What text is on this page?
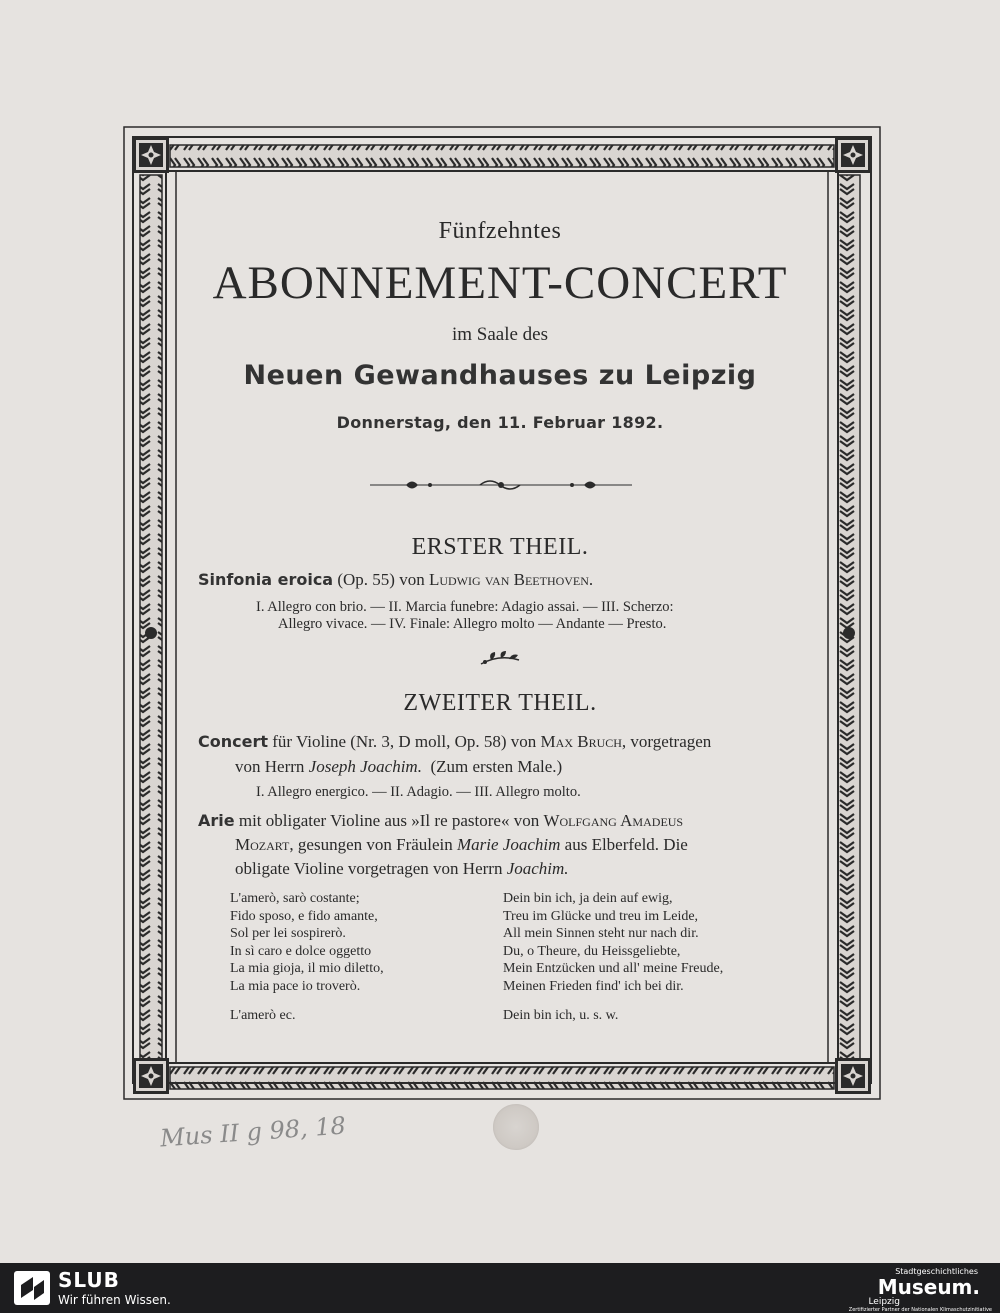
Fünfzehntes
ABONNEMENT-CONCERT
im Saale des
Neuen Gewandhauses zu Leipzig
Donnerstag, den 11. Februar 1892.
ERSTER THEIL.
Sinfonia eroica (Op. 55) von Ludwig van Beethoven.
I. Allegro con brio. — II. Marcia funebre: Adagio assai. — III. Scherzo:
Allegro vivace. — IV. Finale: Allegro molto — Andante — Presto.
ZWEITER THEIL.
Concert für Violine (Nr. 3, D moll, Op. 58) von Max Bruch, vorgetragen
von Herrn Joseph Joachim. (Zum ersten Male.)
I. Allegro energico. — II. Adagio. — III. Allegro molto.
Arie mit obligater Violine aus »Il re pastore« von Wolfgang Amadeus
Mozart, gesungen von Fräulein Marie Joachim aus Elberfeld. Die
obligate Violine vorgetragen von Herrn Joachim.
L'amerò, sarò costante;
Fido sposo, e fido amante,
Sol per lei sospirerò.
In sì caro e dolce oggetto
La mia gioja, il mio diletto,
La mia pace io troverò.
L'amerò ec.
Dein bin ich, ja dein auf ewig,
Treu im Glücke und treu im Leide,
All mein Sinnen steht nur nach dir.
Du, o Theure, du Heissgeliebte,
Mein Entzücken und all' meine Freude,
Meinen Frieden find' ich bei dir.
Dein bin ich, u. s. w.
Mus II g 98, 18
SLUB
Wir führen Wissen.
Stadtgeschichtliches
Museum.
Leipzig
Zertifizierter Partner der Nationalen Klimaschutzinitiative
